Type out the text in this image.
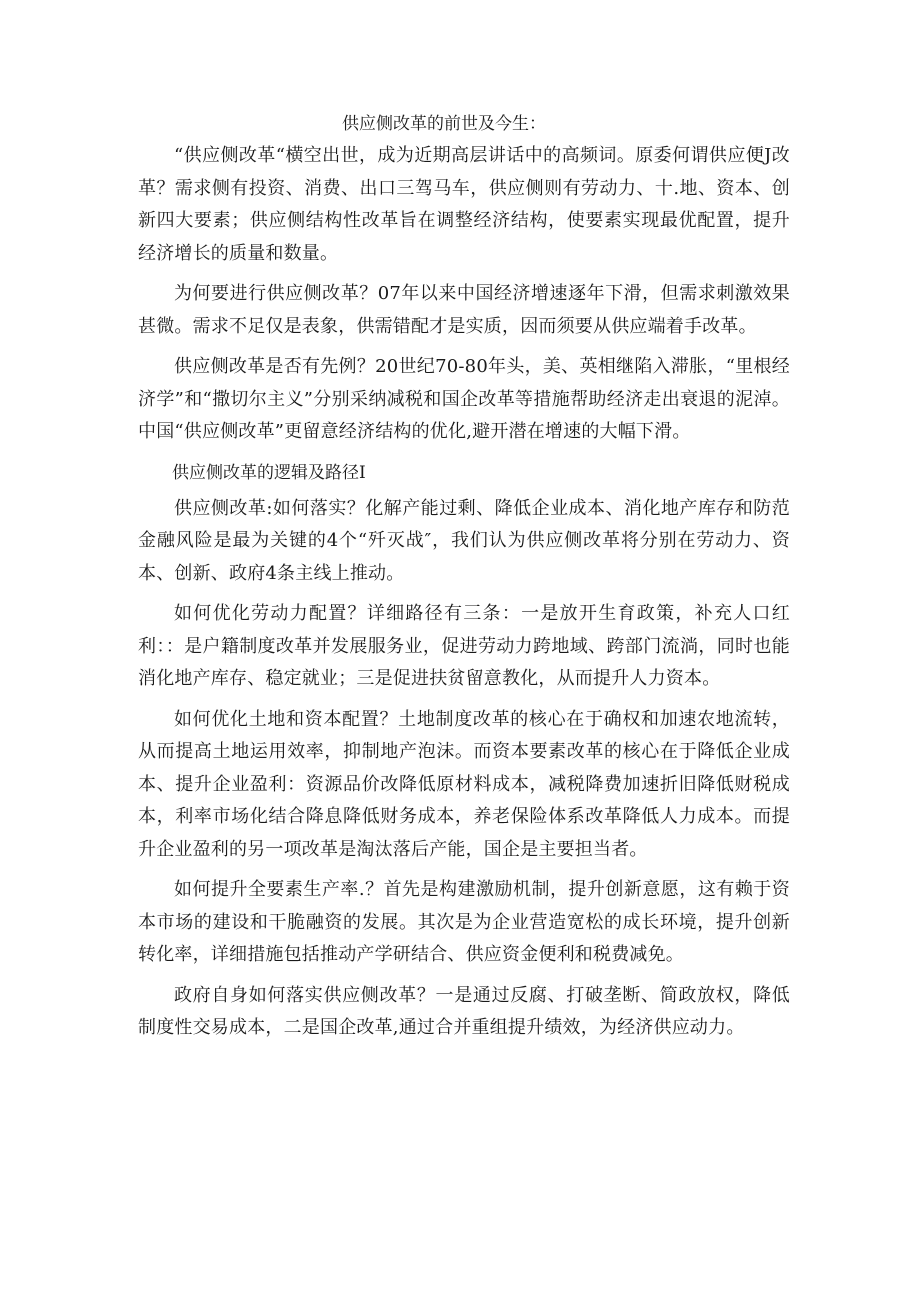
供应侧改革的前世及今生：

“供应侧改革“横空出世，成为近期高层讲话中的高频词。原委何谓供应便J改革？需求侧有投资、消费、出口三驾马车，供应侧则有劳动力、十.地、资本、创新四大要素；供应侧结构性改革旨在调整经济结构，使要素实现最优配置，提升经济增长的质量和数量。

为何要进行供应侧改革？07年以来中国经济增速逐年下滑，但需求刺激效果甚微。需求不足仅是表象，供需错配才是实质，因而须要从供应端着手改革。

供应侧改革是否有先例？20世纪70-80年头，美、英相继陷入滞胀，“里根经济学”和“撒切尔主义”分别采纳减税和国企改革等措施帮助经济走出衰退的泥淖。中国“供应侧改革”更留意经济结构的优化,避开潜在增速的大幅下滑。

供应侧改革的逻辑及路径I

供应侧改革:如何落实？化解产能过剩、降低企业成本、消化地产库存和防范金融风险是最为关键的4个“歼灭战″，我们认为供应侧改革将分别在劳动力、资本、创新、政府4条主线上推动。

如何优化劳动力配置？详细路径有三条：一是放开生育政策，补充人口红利：：是户籍制度改革并发展服务业，促进劳动力跨地域、跨部门流淌，同时也能消化地产库存、稳定就业；三是促进扶贫留意教化，从而提升人力资本。

如何优化土地和资本配置？土地制度改革的核心在于确权和加速农地流转，从而提高土地运用效率，抑制地产泡沫。而资本要素改革的核心在于降低企业成本、提升企业盈利：资源品价改降低原材料成本，减税降费加速折旧降低财税成本，利率市场化结合降息降低财务成本，养老保险体系改革降低人力成本。而提升企业盈利的另一项改革是淘汰落后产能，国企是主要担当者。

如何提升全要素生产率.？首先是构建激励机制，提升创新意愿，这有赖于资本市场的建设和干脆融资的发展。其次是为企业营造宽松的成长环境，提升创新转化率，详细措施包括推动产学研结合、供应资金便利和税费减免。

政府自身如何落实供应侧改革？一是通过反腐、打破垄断、简政放权，降低制度性交易成本，二是国企改革,通过合并重组提升绩效，为经济供应动力。
